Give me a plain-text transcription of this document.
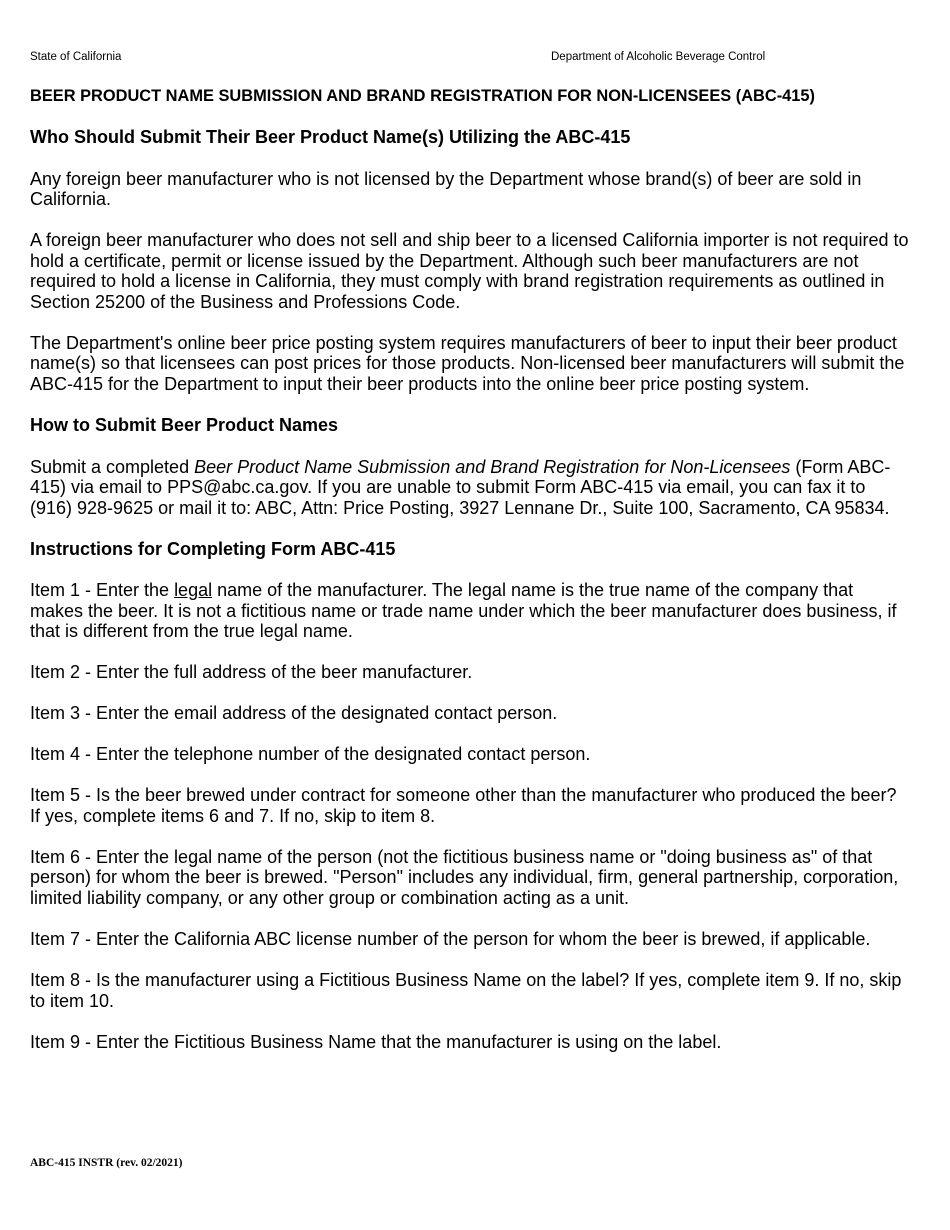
State of California	Department of Alcoholic Beverage Control
BEER PRODUCT NAME SUBMISSION AND BRAND REGISTRATION FOR NON-LICENSEES (ABC-415)
Who Should Submit Their Beer Product Name(s) Utilizing the ABC-415

Any foreign beer manufacturer who is not licensed by the Department whose brand(s) of beer are sold in California.

A foreign beer manufacturer who does not sell and ship beer to a licensed California importer is not required to hold a certificate, permit or license issued by the Department. Although such beer manufacturers are not required to hold a license in California, they must comply with brand registration requirements as outlined in Section 25200 of the Business and Professions Code.

The Department's online beer price posting system requires manufacturers of beer to input their beer product name(s) so that licensees can post prices for those products. Non-licensed beer manufacturers will submit the ABC-415 for the Department to input their beer products into the online beer price posting system.

How to Submit Beer Product Names

Submit a completed Beer Product Name Submission and Brand Registration for Non-Licensees (Form ABC-415) via email to PPS@abc.ca.gov. If you are unable to submit Form ABC-415 via email, you can fax it to (916) 928-9625 or mail it to: ABC, Attn: Price Posting, 3927 Lennane Dr., Suite 100, Sacramento, CA 95834.

Instructions for Completing Form ABC-415

Item 1 - Enter the legal name of the manufacturer. The legal name is the true name of the company that makes the beer. It is not a fictitious name or trade name under which the beer manufacturer does business, if that is different from the true legal name.

Item 2 - Enter the full address of the beer manufacturer.

Item 3 - Enter the email address of the designated contact person.

Item 4 - Enter the telephone number of the designated contact person.

Item 5 - Is the beer brewed under contract for someone other than the manufacturer who produced the beer? If yes, complete items 6 and 7. If no, skip to item 8.

Item 6 - Enter the legal name of the person (not the fictitious business name or "doing business as" of that person) for whom the beer is brewed. "Person" includes any individual, firm, general partnership, corporation, limited liability company, or any other group or combination acting as a unit.

Item 7 - Enter the California ABC license number of the person for whom the beer is brewed, if applicable.

Item 8 - Is the manufacturer using a Fictitious Business Name on the label? If yes, complete item 9. If no, skip to item 10.

Item 9 - Enter the Fictitious Business Name that the manufacturer is using on the label.

ABC-415 INSTR (rev. 02/2021)
